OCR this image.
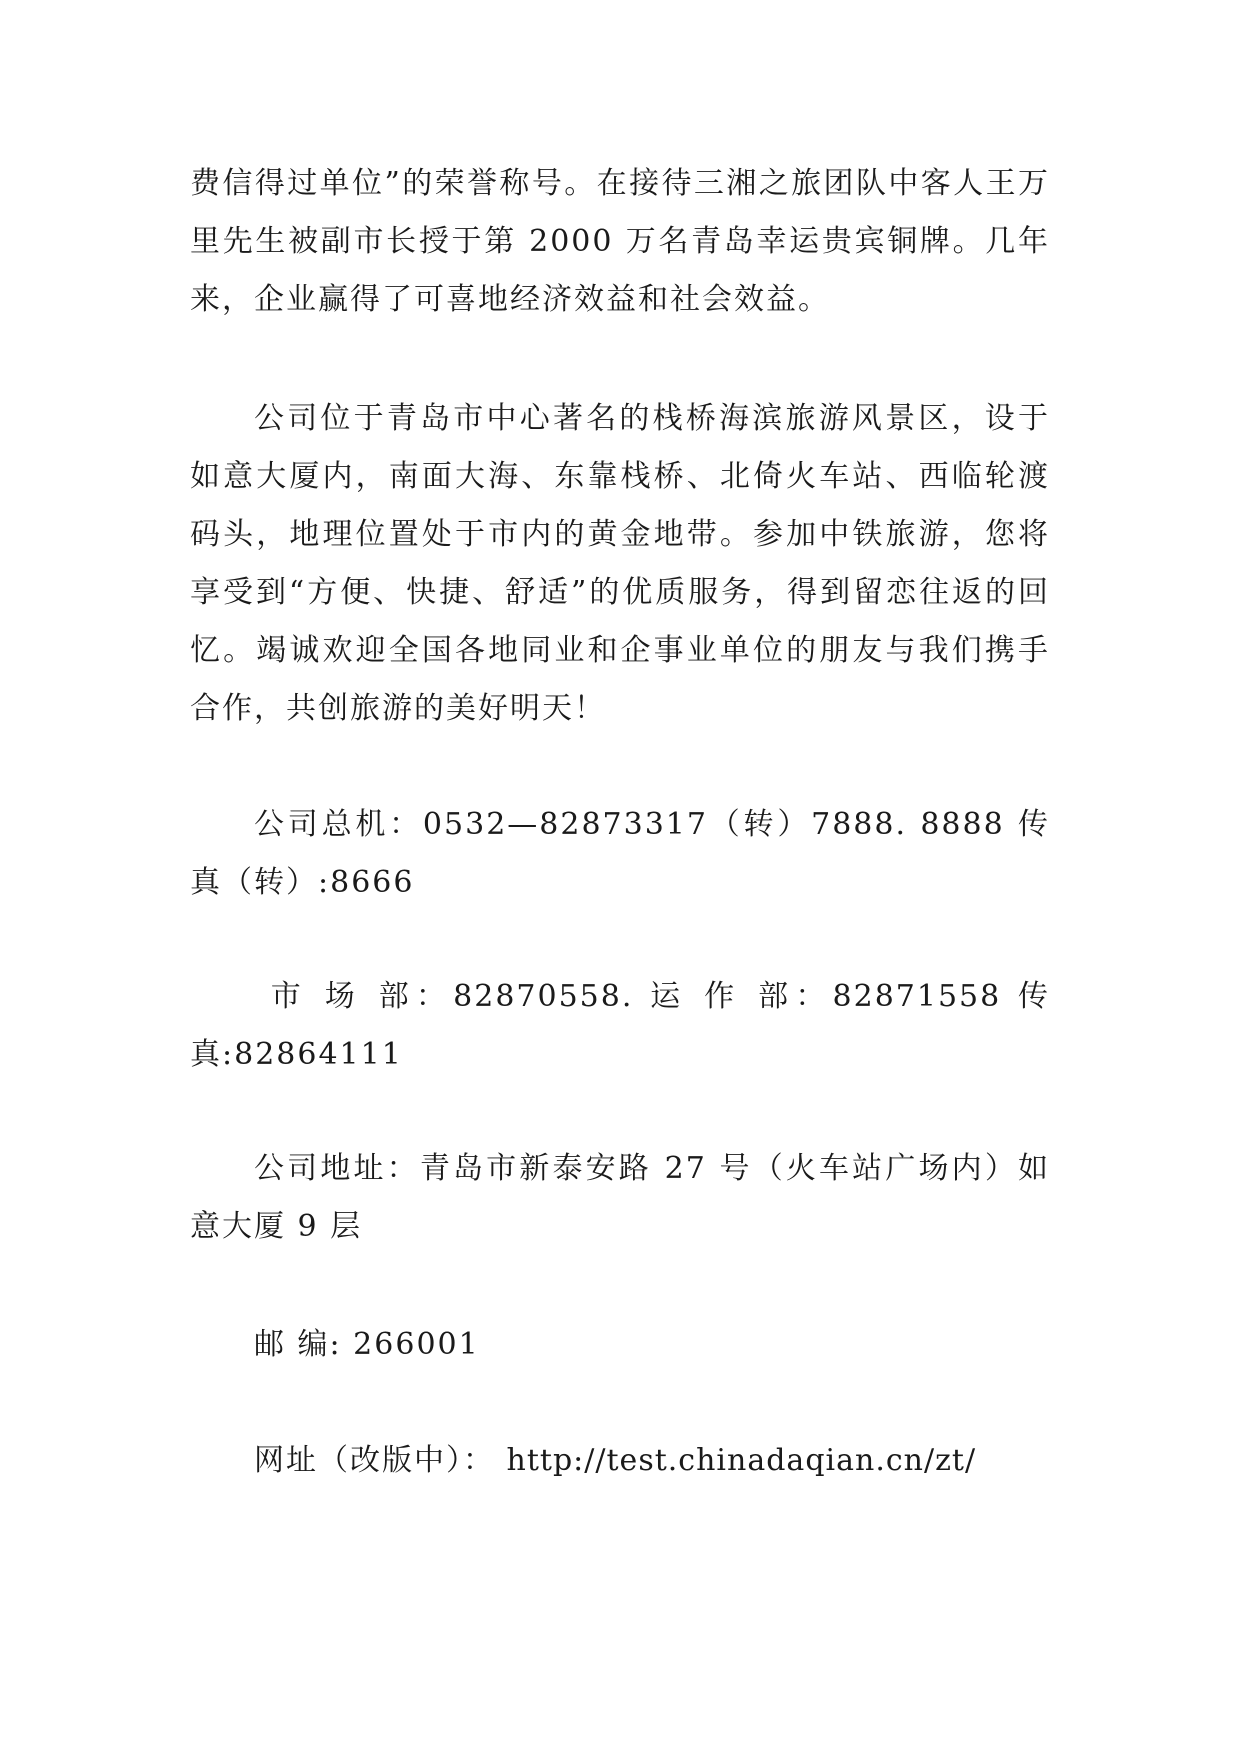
费信得过单位”的荣誉称号。在接待三湘之旅团队中客人王万里先生被副市长授于第 2000 万名青岛幸运贵宾铜牌。几年来，企业赢得了可喜地经济效益和社会效益。

公司位于青岛市中心著名的栈桥海滨旅游风景区，设于如意大厦内，南面大海、东靠栈桥、北倚火车站、西临轮渡码头，地理位置处于市内的黄金地带。参加中铁旅游，您将享受到“方便、快捷、舒适”的优质服务，得到留恋往返的回忆。竭诚欢迎全国各地同业和企事业单位的朋友与我们携手合作，共创旅游的美好明天！

公司总机：0532—82873317（转）7888. 8888 传 真（转）:8666

市 场 部：82870558. 运 作 部：82871558 传真:82864111

公司地址：青岛市新泰安路 27 号（火车站广场内）如意大厦 9 层

邮 编: 266001

网址（改版中）： http://test.chinadaqian.cn/zt/
